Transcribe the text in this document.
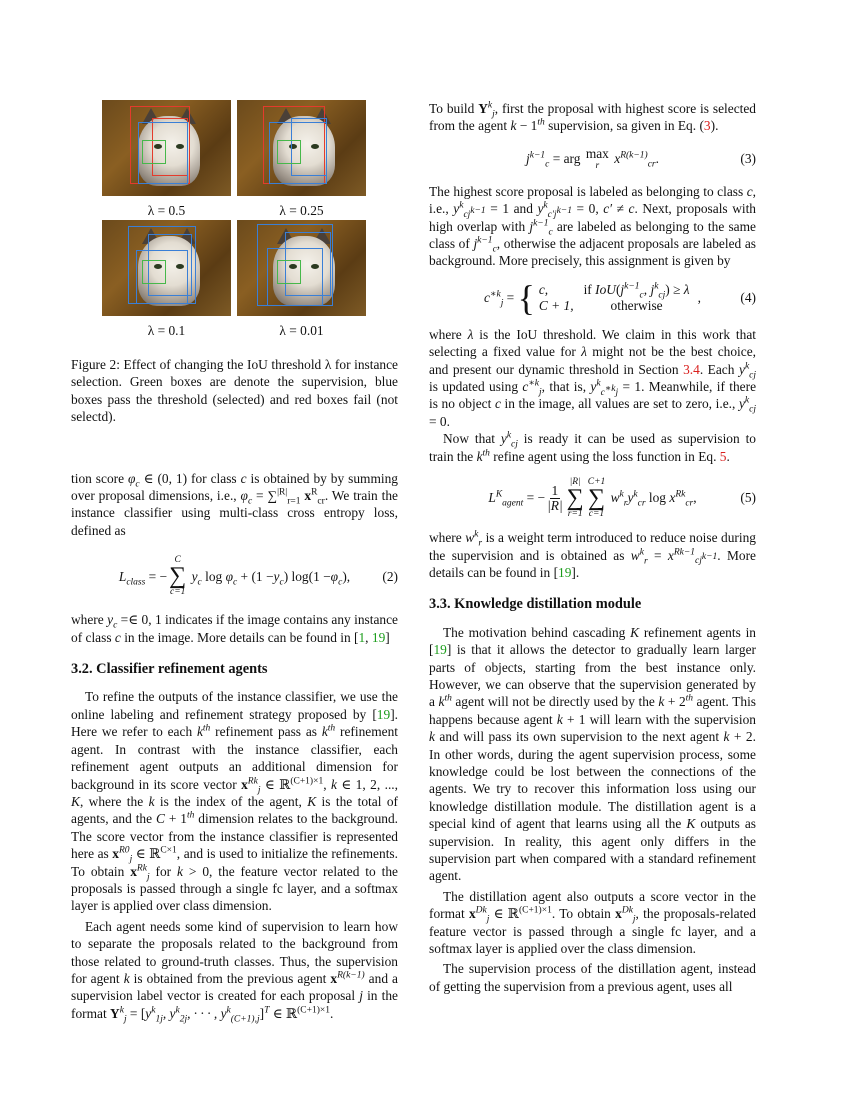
λ = 0.5	λ = 0.25
λ = 0.1	λ = 0.01

Figure 2: Effect of changing the IoU threshold λ for instance selection. Green boxes are denote the supervision, blue boxes pass the threshold (selected) and red boxes fail (not selectd).

tion score $\varphi_c$ ∈ (0, 1) for class c is obtained by by summing over proposal dimensions, i.e., $\varphi_c = \sum^{|R|}_{r=1}$ $x^R_{cr}$. We train the instance classifier using multi-class cross entropy loss, defined as

$L_{class}$ = −
C
∑
c=1
$y_c$ $\log \varphi_c + (1 - y_c$ ) $\log(1 - \varphi_c$ ), (2)

where $y_c$ =∈ 0, 1 indicates if the image contains any instance of class c in the image. More details can be found in [1, 19]

3.2. Classifier refinement agents

To refine the outputs of the instance classifier, we use the online labeling and refinement strategy proposed by [19]. Here we refer to each $k^{th}$ refinement pass as $k^{th}$ refinement agent. In contrast with the instance classifier, each refinement agent outputs an additional dimension for background in its score vector $x^{Rk}_j$ ∈ ℝ$^{(C+1)\times 1}$, k ∈ 1, 2, ..., K, where the k is the index of the agent, K is the total of agents, and the C + 1th dimension relates to the background. The score vector from the instance classifier is represented here as $x^{R0}_j$ ∈ ℝ$^{C\times 1}$, and is used to initialize the refinements. To obtain $x^{Rk}_j$ for k > 0, the feature vector related to the proposals is passed through a single fc layer, and a softmax layer is applied over class dimension.

Each agent needs some kind of supervision to learn how to separate the proposals related to the background from those related to ground-truth classes. Thus, the supervision for agent k is obtained from the previous agent $x^{R(k-1)}$ and a supervision label vector is created for each proposal j in the format $Y^k_j = [y^k_{1j}$, $y^k_{2j}$, · · · , $y^k_{(C+1),j}]^T$ ∈ ℝ$^{(C+1)\times 1}$.

To build $Y^k_j$, first the proposal with highest score is selected from the agent k − 1th supervision, sa given in Eq. (3).

$j^{k-1}_c$ = arg max
r
$x^{R(k-1)}_{cr}$ .	(3)

The highest score proposal is labeled as belonging to class c, i.e., $y^k_{cj^{k-1}} = 1$ and $y^k_{c'j^{k-1}} = 0$, c′ ≠ c. Next, proposals with high overlap with $j^{k-1}_c$ are labeled as belonging to the same class of $j^{k-1}_c$, otherwise the adjacent proposals are labeled as background. More precisely, this assignment is given by

$c^{∗k}_j$ = { c,	if $IoU(j^{k-1}_c$, $j^k_{cj}) \ge \lambda$
C + 1,	otherwise
,	(4)

where λ is the IoU threshold. We claim in this work that selecting a fixed value for λ might not be the best choice, and present our dynamic threshold in Section 3.4. Each $y^k_{cj}$ is updated using $c^{∗k}_j$, that is, $y^k_{c^{∗k}j} = 1$. Meanwhile, if there is no object c in the image, all values are set to zero, i.e., $y^k_{cj} = 0$.

Now that $y^k_{cj}$ is ready it can be used as supervision to train the $k^{th}$ refine agent using the loss function in Eq. 5.

$L^K_{agent}$ = − $\frac{1}{|R|}$
|R|
∑
r=1
C+1
∑
c=1
$w^k_ry^k_{cr}$ $\log x^{Rk}_{cr}$ ,	(5)

where $w^k_r$ is a weight term introduced to reduce noise during the supervision and is obtained as $w^k_r = x^{Rk-1}_{cj^{k-1}}$. More details can be found in [19].

3.3. Knowledge distillation module

The motivation behind cascading K refinement agents in [19] is that it allows the detector to gradually learn larger parts of objects, starting from the best instance only. However, we can observe that the supervision generated by a $k^{th}$ agent will not be directly used by the k + 2th agent. This happens because agent k + 1 will learn with the supervision k and will pass its own supervision to the next agent k + 2. In other words, during the agent supervision process, some knowledge could be lost between the connections of the agents. We try to recover this information loss using our knowledge distillation module. The distillation agent is a special kind of agent that learns using all the K outputs as supervision. In reality, this agent only differs in the supervision part when compared with a standard refinement agent.

The distillation agent also outputs a score vector in the format $x^{Dk}_j$ ∈ ℝ$^{(C+1)\times 1}$. To obtain $x^{Dk}_j$, the proposals-related feature vector is passed through a single fc layer, and a softmax layer is applied over the class dimension.

The supervision process of the distillation agent, instead of getting the supervision from a previous agent, uses all
